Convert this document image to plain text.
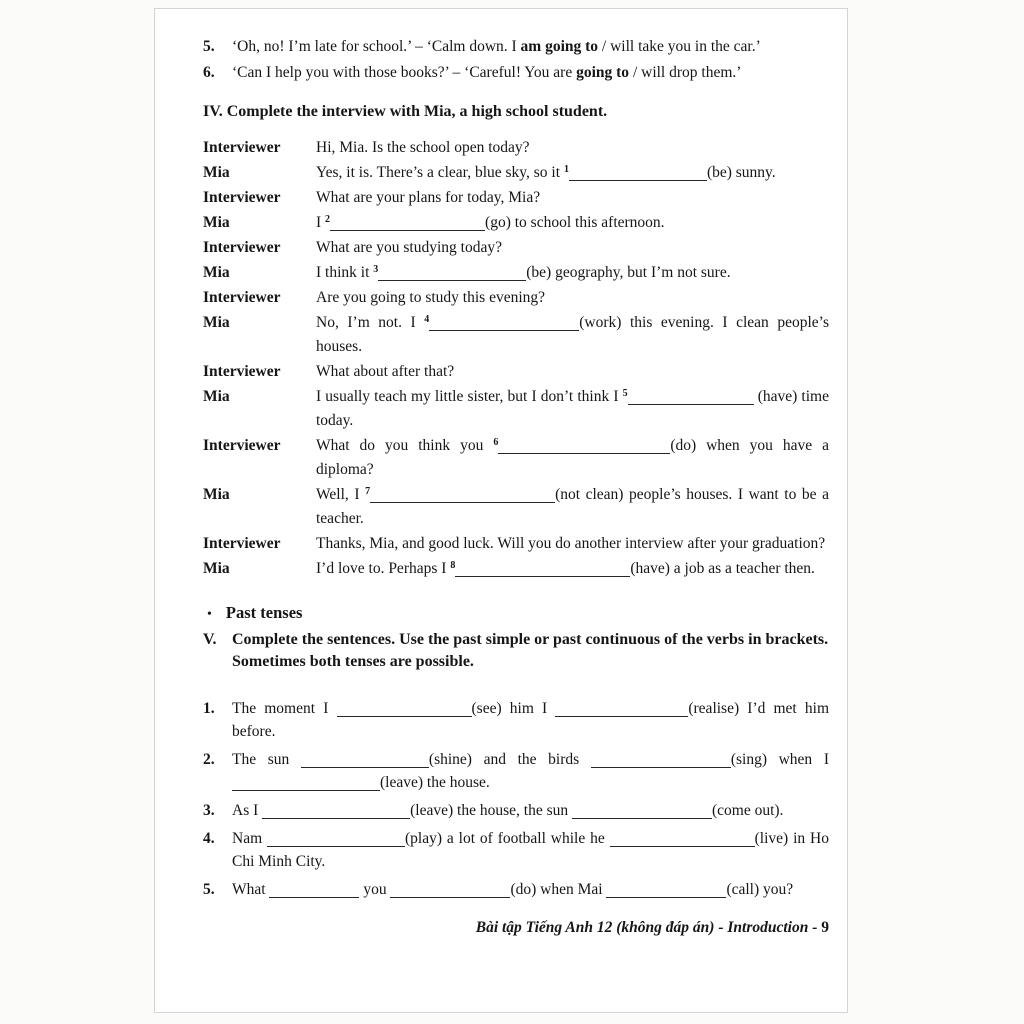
5.	‘Oh, no! I’m late for school.’ – ‘Calm down. I am going to / will take you in the car.’
6.	‘Can I help you with those books?’ – ‘Careful! You are going to / will drop them.’
IV. Complete the interview with Mia, a high school student.
Interviewer	Hi, Mia. Is the school open today?
Mia	Yes, it is. There’s a clear, blue sky, so it $^1$	(be) sunny.
Interviewer	What are your plans for today, Mia?
Mia	I $^2$	(go) to school this afternoon.
Interviewer	What are you studying today?
Mia	I think it $^3$	(be) geography, but I’m not sure.
Interviewer	Are you going to study this evening?
Mia	No, I’m not. I $^4$	(work) this evening. I clean people’s houses.
Interviewer	What about after that?
Mia	I usually teach my little sister, but I don’t think I $^5$	(have) time today.
Interviewer	What do you think you $^6$	(do) when you have a diploma?
Mia	Well, I $^7$	(not clean) people’s houses. I want to be a teacher.
Interviewer	Thanks, Mia, and good luck. Will you do another interview after your graduation?
Mia	I’d love to. Perhaps I $^8$	(have) a job as a teacher then.
• Past tenses
V. Complete the sentences. Use the past simple or past continuous of the verbs in brackets. Sometimes both tenses are possible.
1.	The moment I	(see) him I	(realise) I’d met him before.
2.	The sun	(shine) and the birds	(sing) when I (leave) the house.
3.	As I	(leave) the house, the sun	(come out).
4.	Nam	(play) a lot of football while he	(live) in Ho Chi Minh City.
5.	What	you	(do) when Mai	(call) you?
Bài tập Tiếng Anh 12 (không đáp án) - Introduction - 9
